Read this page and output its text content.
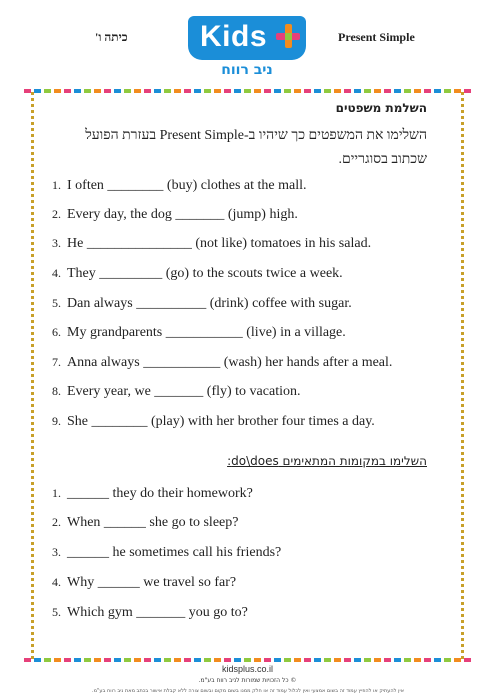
כיתה ו' Kids
ניב רווח
Present Simple
השלמת משפטים
השלימו את המשפטים כך שיהיו ב-Present Simple בעזרת הפועל שכתוב בסוגריים.
1. I often ________ (buy) clothes at the mall.
2. Every day, the dog _______ (jump) high.
3. He _______________ (not like) tomatoes in his salad.
4. They _________ (go) to the scouts twice a week.
5. Dan always __________ (drink) coffee with sugar.
6. My grandparents ___________ (live) in a village.
7. Anna always ___________ (wash) her hands after a meal.
8. Every year, we _______ (fly) to vacation.
9. She ________ (play) with her brother four times a day.
השלימו במקומות המתאימים do\does:
1. ______ they do their homework?
2. When ______ she go to sleep?
3. ______ he sometimes call his friends?
4. Why ______ we travel so far?
5. Which gym _______ you go to?
kidsplus.co.il
© כל הזכויות שמורות לניב רווח בע"מ.
אין להעתיק או להפיץ עמוד זה בשום אמצעי ואין לכלול עמוד זה או חלק ממנו בשום מקום ובשום צורה ללא קבלת אישור בכתב מאת ניב רווח בע"מ.
